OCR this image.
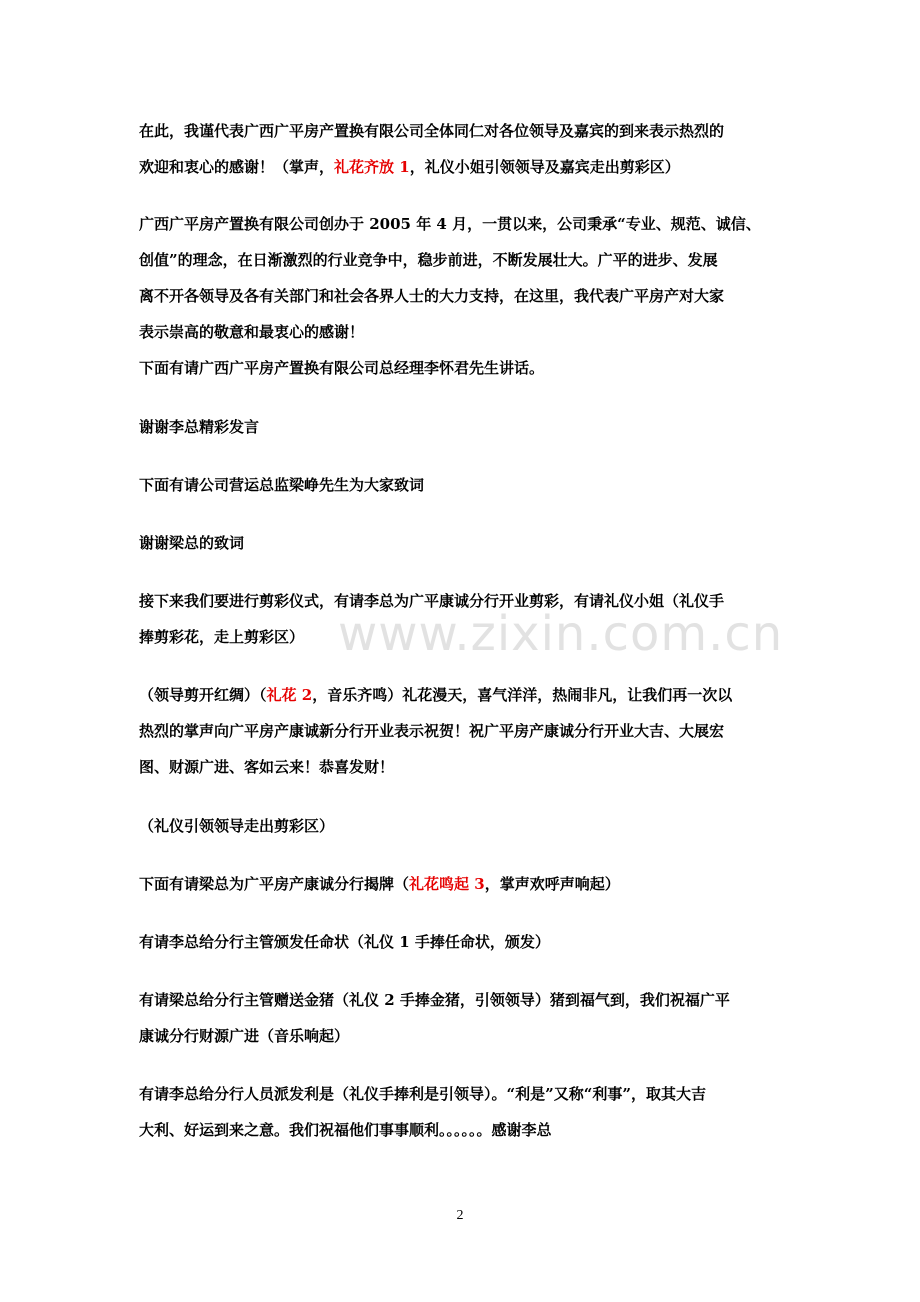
在此，我谨代表广西广平房产置换有限公司全体同仁对各位领导及嘉宾的到来表示热烈的
欢迎和衷心的感谢！（掌声，礼花齐放 1，礼仪小姐引领领导及嘉宾走出剪彩区）
广西广平房产置换有限公司创办于 2005 年 4 月，一贯以来，公司秉承“专业、规范、诚信、
创值”的理念，在日渐激烈的行业竞争中，稳步前进，不断发展壮大。广平的进步、发展
离不开各领导及各有关部门和社会各界人士的大力支持，在这里，我代表广平房产对大家
表示崇高的敬意和最衷心的感谢！
下面有请广西广平房产置换有限公司总经理李怀君先生讲话。
谢谢李总精彩发言
下面有请公司营运总监梁峥先生为大家致词
谢谢梁总的致词
接下来我们要进行剪彩仪式，有请李总为广平康诚分行开业剪彩，有请礼仪小姐（礼仪手
捧剪彩花，走上剪彩区）
（领导剪开红绸）（礼花 2，音乐齐鸣）礼花漫天，喜气洋洋，热闹非凡，让我们再一次以
热烈的掌声向广平房产康诚新分行开业表示祝贺！祝广平房产康诚分行开业大吉、大展宏
图、财源广进、客如云来！恭喜发财！
（礼仪引领领导走出剪彩区）
下面有请梁总为广平房产康诚分行揭牌（礼花鸣起 3，掌声欢呼声响起）
有请李总给分行主管颁发任命状（礼仪 1 手捧任命状，颁发）
有请梁总给分行主管赠送金猪（礼仪 2 手捧金猪，引领领导）猪到福气到，我们祝福广平
康诚分行财源广进（音乐响起）
有请李总给分行人员派发利是（礼仪手捧利是引领导）。“利是”又称“利事”，取其大吉
大利、好运到来之意。我们祝福他们事事顺利。。。。。。感谢李总
www.zixin.com.cn
2
